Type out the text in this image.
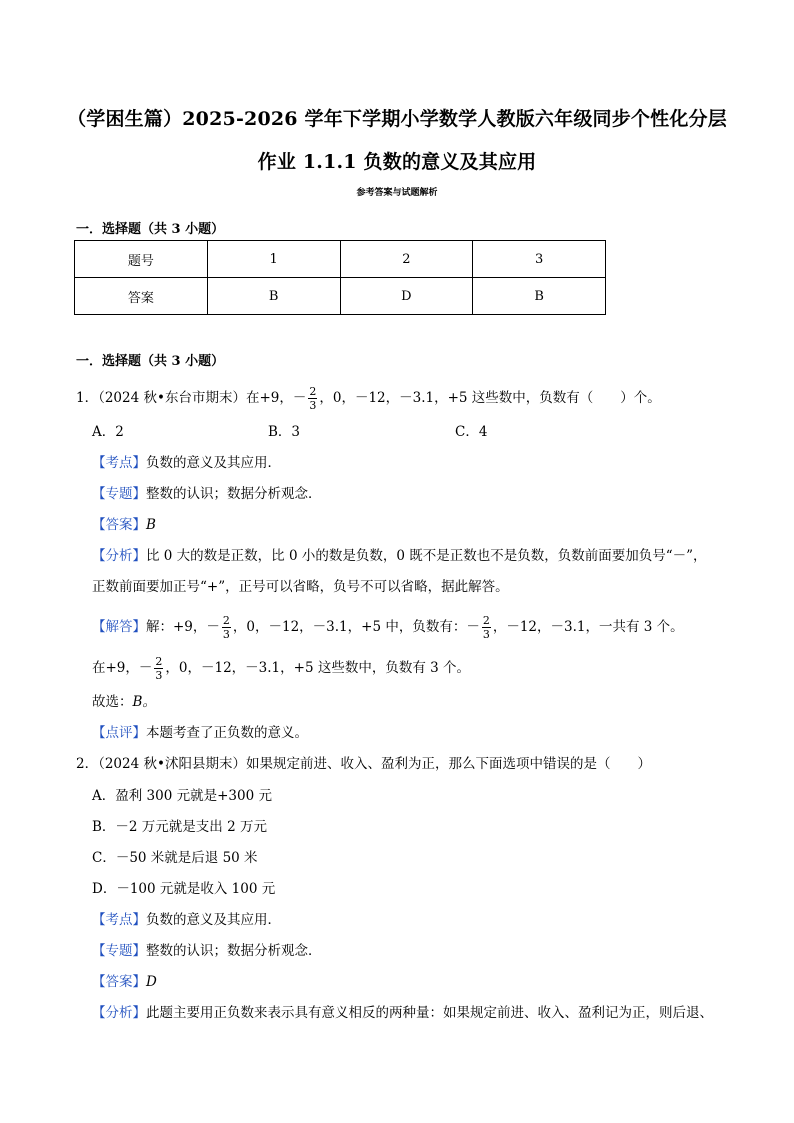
（学困生篇）2025-2026 学年下学期小学数学人教版六年级同步个性化分层作业 1.1.1 负数的意义及其应用
参考答案与试题解析
一．选择题（共 3 小题）
题号	1	2	3
答案	B	D	B
一．选择题（共 3 小题）
1．（2024 秋•东台市期末）在+9，－ $\frac{2}{3}$ ，0，－12，－3.1，+5 这些数中，负数有（　　）个。
A．2	B．3	C．4
【考点】负数的意义及其应用．
【专题】整数的认识；数据分析观念．
【答案】B
【分析】比 0 大的数是正数，比 0 小的数是负数，0 既不是正数也不是负数，负数前面要加负号“－”，
正数前面要加正号“+”，正号可以省略，负号不可以省略，据此解答。
【解答】解：+9，－ $\frac{2}{3}$ ，0，－12，－3.1，+5 中，负数有：－ $\frac{2}{3}$ ，－12，－3.1，一共有 3 个。
在+9，－ $\frac{2}{3}$ ，0，－12，－3.1，+5 这些数中，负数有 3 个。
故选：B。
【点评】本题考查了正负数的意义。
2．（2024 秋•沭阳县期末）如果规定前进、收入、盈利为正，那么下面选项中错误的是（　　）
A．盈利 300 元就是+300 元
B．－2 万元就是支出 2 万元
C．－50 米就是后退 50 米
D．－100 元就是收入 100 元
【考点】负数的意义及其应用．
【专题】整数的认识；数据分析观念．
【答案】D
【分析】此题主要用正负数来表示具有意义相反的两种量：如果规定前进、收入、盈利记为正，则后退、
